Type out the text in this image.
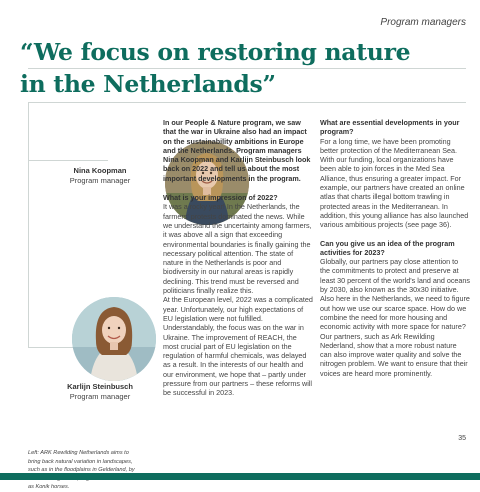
Program managers
“We focus on restoring nature
in the Netherlands”
Nina Koopman
Program manager
Karlijn Steinbusch
Program manager
Left: ARK Rewilding Netherlands aims to bring back natural variation in landscapes, such as in the floodplains in Gelderland, by as Konik horses.

In our People & Nature program, we saw that the war in Ukraine also had an impact on the sustainability ambitions in Europe and the Netherlands. Program managers Nina Koopman and Karlijn Steinbusch look back on 2022 and tell us about the most important developments in the program.

What is your impression of 2022?

It was a rocky year! In the Netherlands, the farmers' protests dominated the news. While we understand the uncertainty among farmers, it was above all a sign that exceeding environmental boundaries is finally gaining the necessary political attention. The state of nature in the Netherlands is poor and biodiversity in our natural areas is rapidly declining. This trend must be reversed and politicians finally realize this.

At the European level, 2022 was a complicated year. Unfortunately, our high expectations of EU legislation were not fulfilled. Understandably, the focus was on the war in Ukraine. The improvement of REACH, the most crucial part of EU legislation on the regulation of harmful chemicals, was delayed as a result. In the interests of our health and our environment, we hope that – partly under pressure from our partners – these reforms will be successful in 2023.

What are essential developments in your program?

For a long time, we have been promoting better protection of the Mediterranean Sea. With our funding, local organizations have been able to join forces in the Med Sea Alliance, thus ensuring a greater impact. For example, our partners have created an online atlas that charts illegal bottom trawling in protected areas in the Mediterranean. In addition, this young alliance has also launched various ambitious projects (see page 36).

Can you give us an idea of the program activities for 2023?

Globally, our partners pay close attention to the commitments to protect and preserve at least 30 percent of the world's land and oceans by 2030, also known as the 30x30 initiative. Also here in the Netherlands, we need to figure out how we use our scarce space. How do we combine the need for more housing and economic activity with more space for nature? Our partners, such as Ark Rewilding Nederland, show that a more robust nature can also improve water quality and solve the nitrogen problem. We want to ensure that their voices are heard more prominently.

35
